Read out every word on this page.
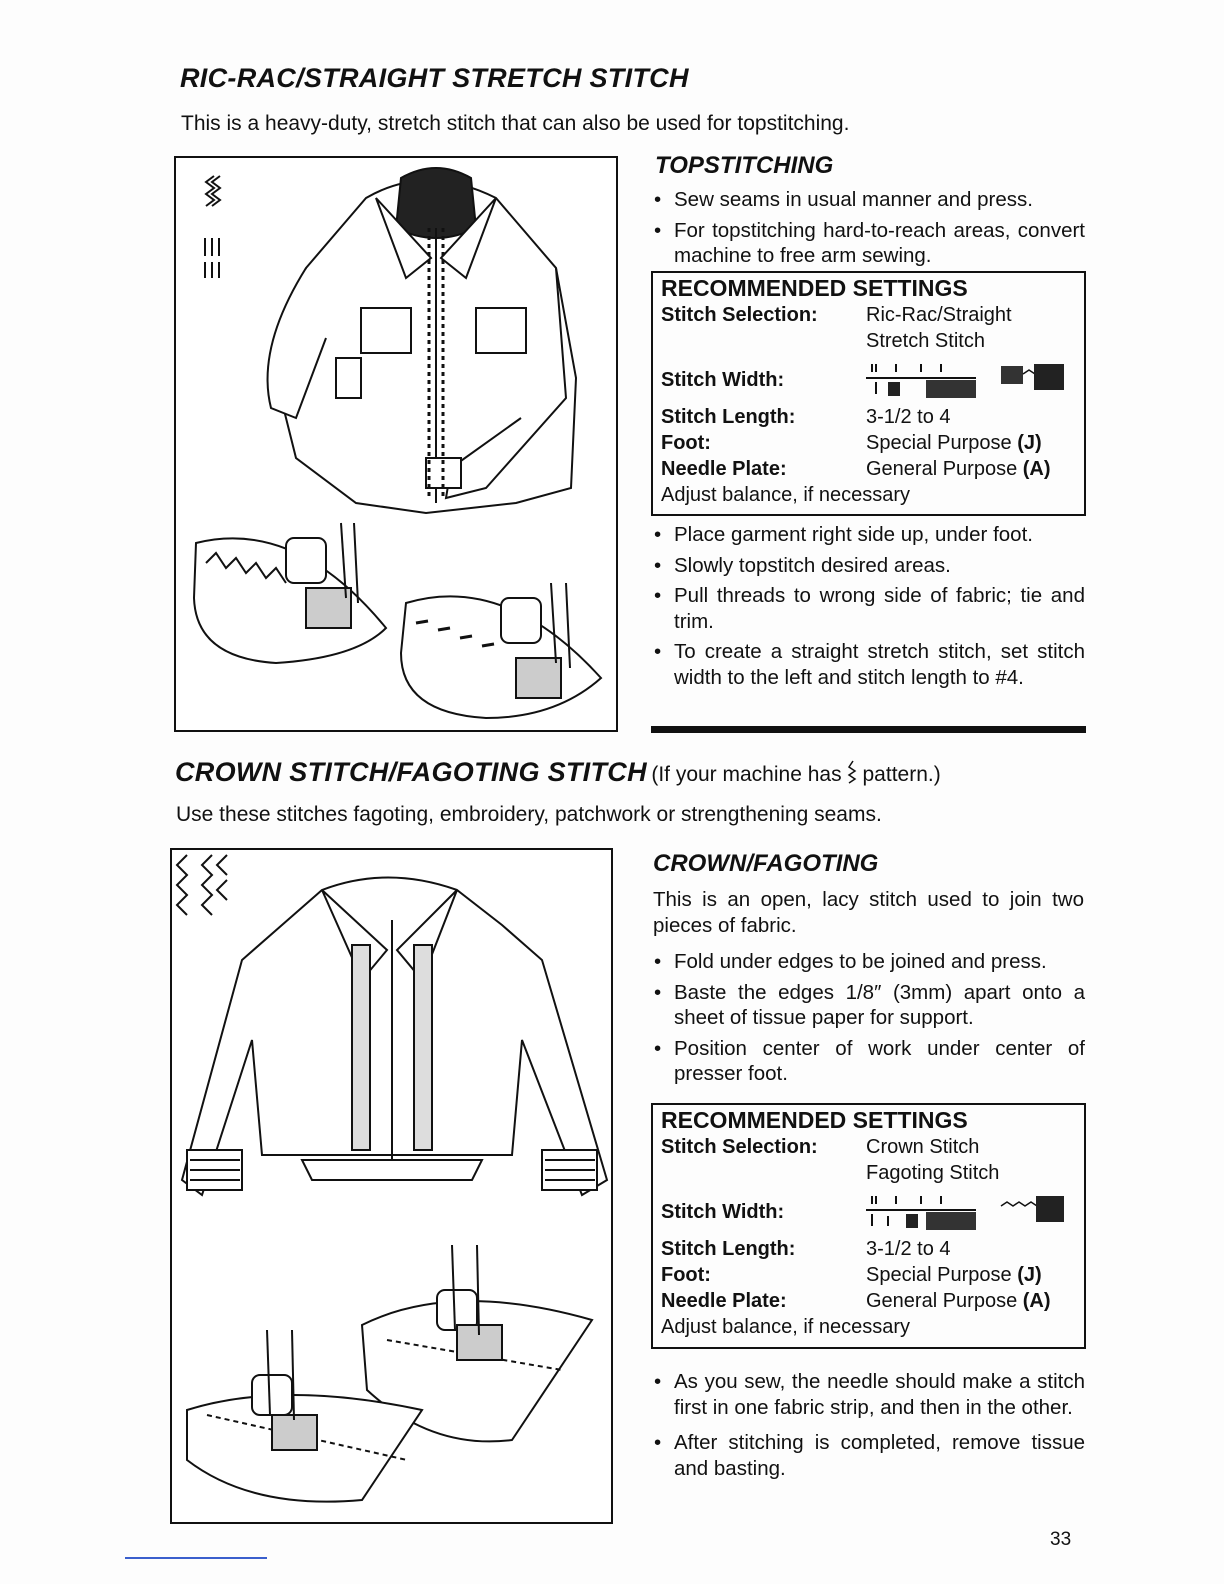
RIC-RAC/STRAIGHT STRETCH STITCH
This is a heavy-duty, stretch stitch that can also be used for topstitching.
TOPSTITCHING
• Sew seams in usual manner and press.
• For topstitching hard-to-reach areas, convert machine to free arm sewing.
RECOMMENDED SETTINGS
Stitch Selection:	Ric-Rac/Straight
Stretch Stitch
Stitch Width:
Stitch Length:	3-1/2 to 4
Foot:	Special Purpose (J)
Needle Plate:	General Purpose (A)
Adjust balance, if necessary
• Place garment right side up, under foot.
• Slowly topstitch desired areas.
• Pull threads to wrong side of fabric; tie and trim.
• To create a straight stretch stitch, set stitch width to the left and stitch length to #4.
CROWN STITCH/FAGOTING STITCH (If your machine has pattern.)
Use these stitches fagoting, embroidery, patchwork or strengthening seams.
CROWN/FAGOTING
This is an open, lacy stitch used to join two pieces of fabric.
• Fold under edges to be joined and press.
• Baste the edges 1/8″ (3mm) apart onto a sheet of tissue paper for support.
• Position center of work under center of presser foot.
RECOMMENDED SETTINGS
Stitch Selection:	Crown Stitch
Fagoting Stitch
Stitch Width:
Stitch Length:	3-1/2 to 4
Foot:	Special Purpose (J)
Needle Plate:	General Purpose (A)
Adjust balance, if necessary
• As you sew, the needle should make a stitch first in one fabric strip, and then in the other.
• After stitching is completed, remove tissue and basting.
33
